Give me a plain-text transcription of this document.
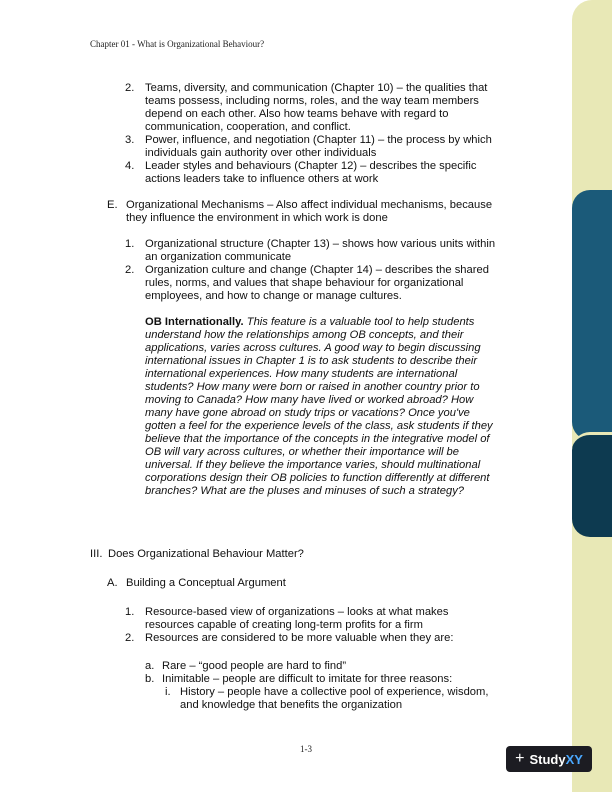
Chapter 01 - What is Organizational Behaviour?
2. Teams, diversity, and communication (Chapter 10) – the qualities that
teams possess, including norms, roles, and the way team members
depend on each other. Also how teams behave with regard to
communication, cooperation, and conflict.
3. Power, influence, and negotiation (Chapter 11) – the process by which
individuals gain authority over other individuals
4. Leader styles and behaviours (Chapter 12) – describes the specific
actions leaders take to influence others at work
E. Organizational Mechanisms – Also affect individual mechanisms, because
they influence the environment in which work is done
1. Organizational structure (Chapter 13) – shows how various units within
an organization communicate
2. Organization culture and change (Chapter 14) – describes the shared
rules, norms, and values that shape behaviour for organizational
employees, and how to change or manage cultures.
OB Internationally. This feature is a valuable tool to help students
understand how the relationships among OB concepts, and their
applications, varies across cultures. A good way to begin discussing
international issues in Chapter 1 is to ask students to describe their
international experiences. How many students are international
students? How many were born or raised in another country prior to
moving to Canada? How many have lived or worked abroad? How
many have gone abroad on study trips or vacations? Once you've
gotten a feel for the experience levels of the class, ask students if they
believe that the importance of the concepts in the integrative model of
OB will vary across cultures, or whether their importance will be
universal. If they believe the importance varies, should multinational
corporations design their OB policies to function differently at different
branches? What are the pluses and minuses of such a strategy?
III. Does Organizational Behaviour Matter?
A. Building a Conceptual Argument
1. Resource-based view of organizations – looks at what makes
resources capable of creating long-term profits for a firm
2. Resources are considered to be more valuable when they are:
a. Rare – “good people are hard to find”
b. Inimitable – people are difficult to imitate for three reasons:
i. History – people have a collective pool of experience, wisdom,
and knowledge that benefits the organization
1-3
+ Study XY
